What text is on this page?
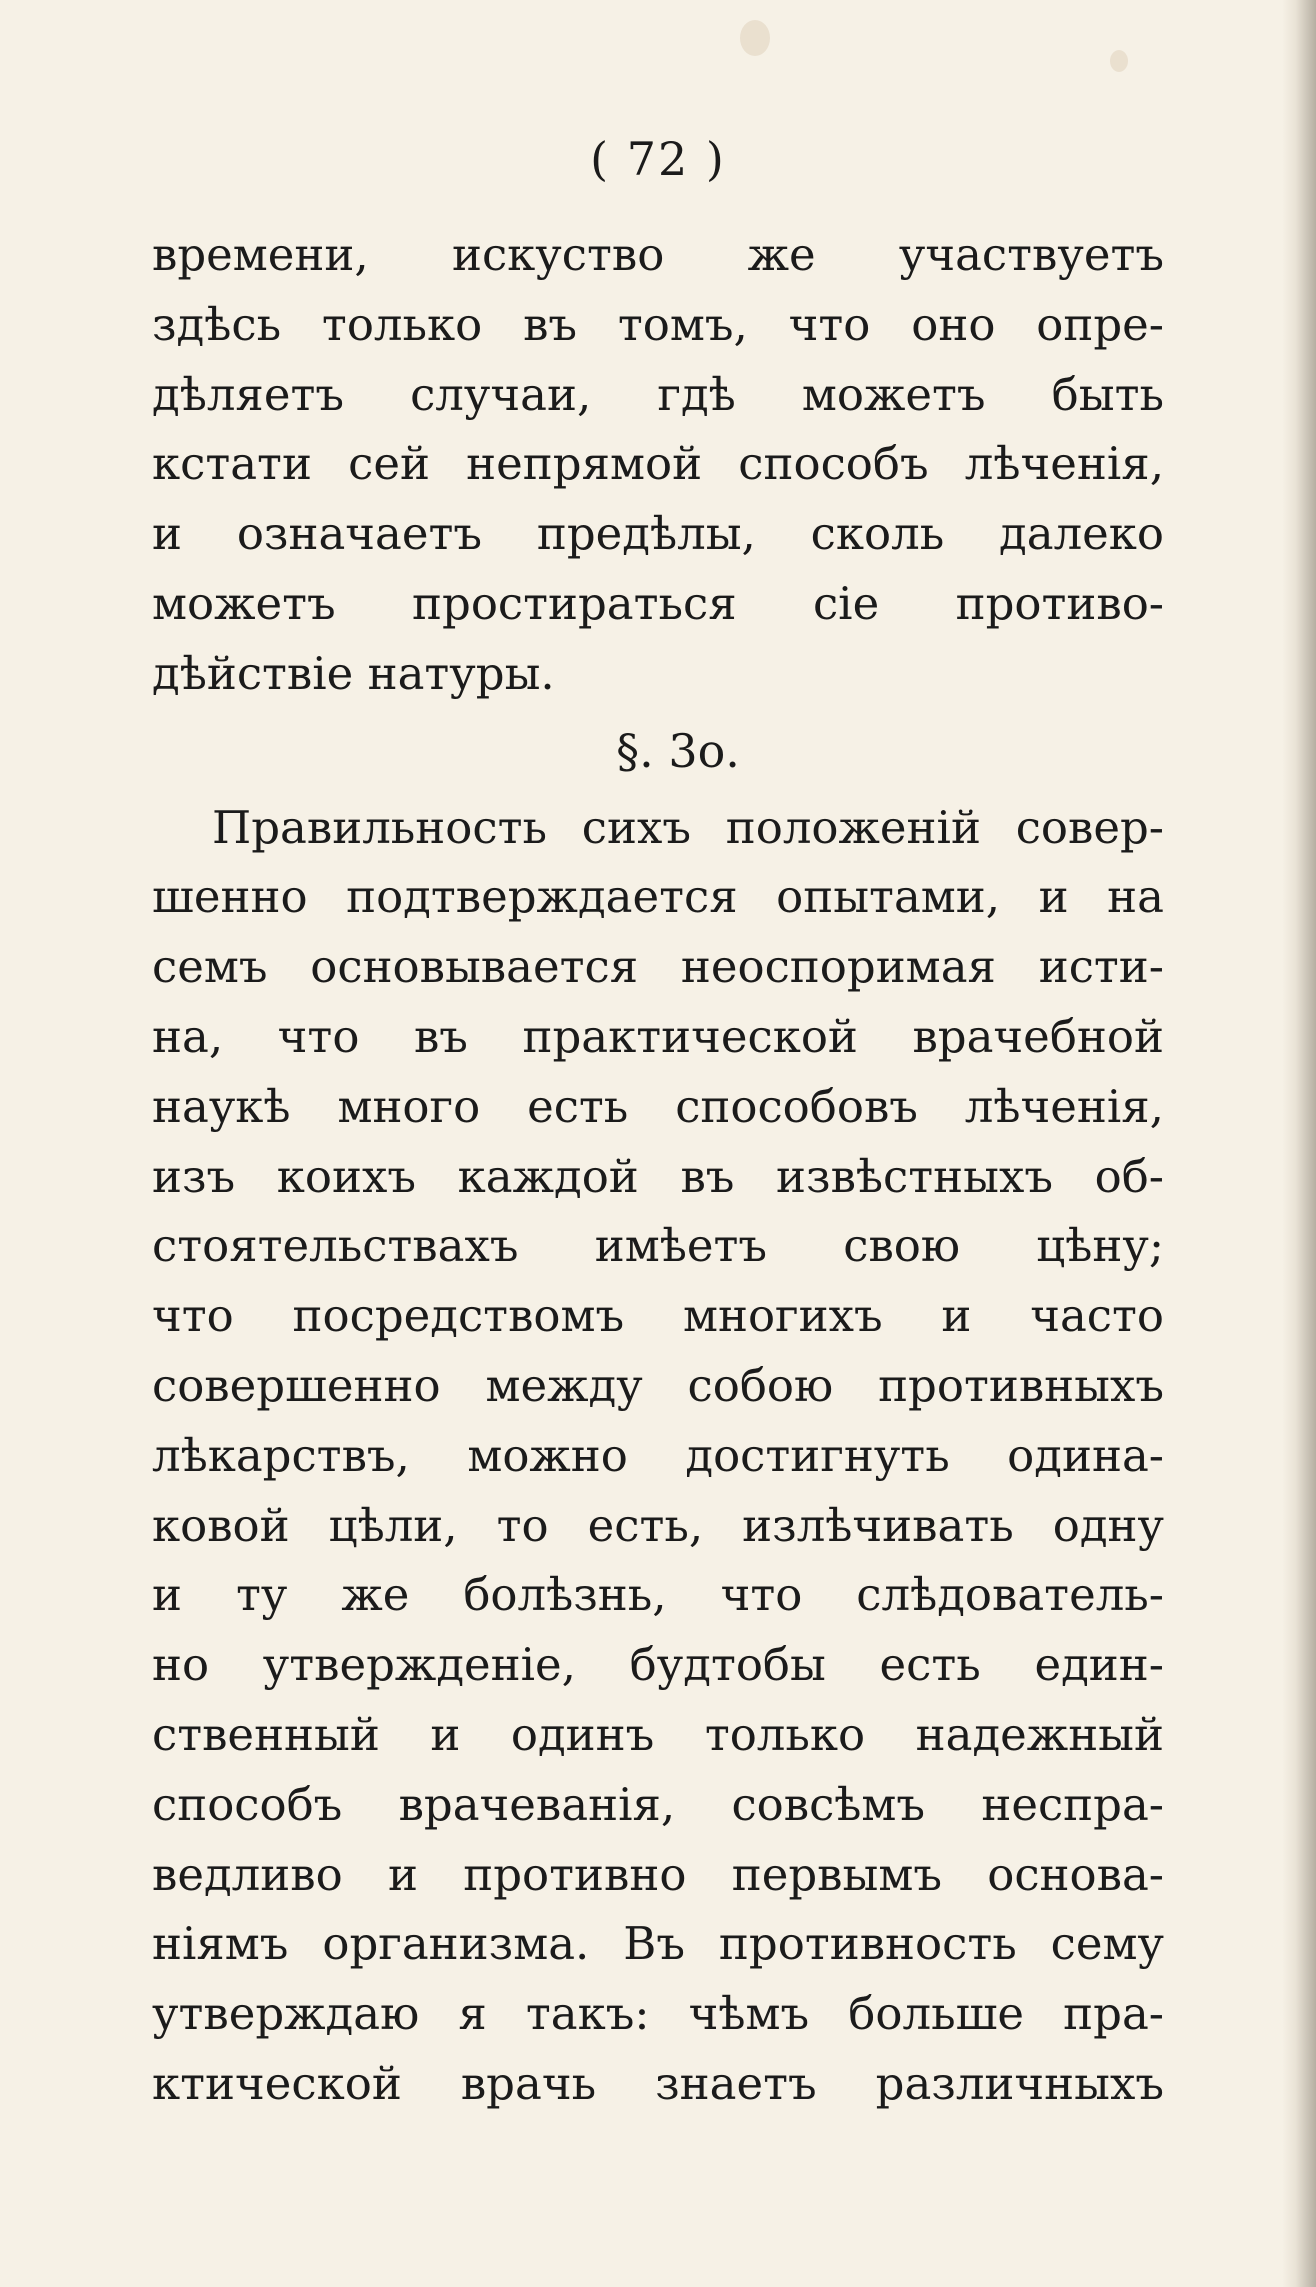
( 72 )
времени, искуство же участвуетъ
здѣсь только въ томъ, что оно опре-
дѣляетъ случаи, гдѣ можетъ быть
кстати сей непрямой способъ лѣченія,
и означаетъ предѣлы, сколь далеко
можетъ простираться сіе противо-
дѣйствіе натуры.
§. 3о.
Правильность сихъ положеній совер-
шенно подтверждается опытами, и на
семъ основывается неоспоримая исти-
на, что въ практической врачебной
наукѣ много есть способовъ лѣченія,
изъ коихъ каждой въ извѣстныхъ об-
стоятельствахъ имѣетъ свою цѣну;
что посредствомъ многихъ и часто
совершенно между собою противныхъ
лѣкарствъ, можно достигнуть одина-
ковой цѣли, то есть, излѣчивать одну
и ту же болѣзнь, что слѣдователь-
но утвержденіе, будтобы есть един-
ственный и одинъ только надежный
способъ врачеванія, совсѣмъ неспра-
ведливо и противно первымъ основа-
ніямъ организма. Въ противность сему
утверждаю я такъ: чѣмъ больше пра-
ктической врачь знаетъ различныхъ
